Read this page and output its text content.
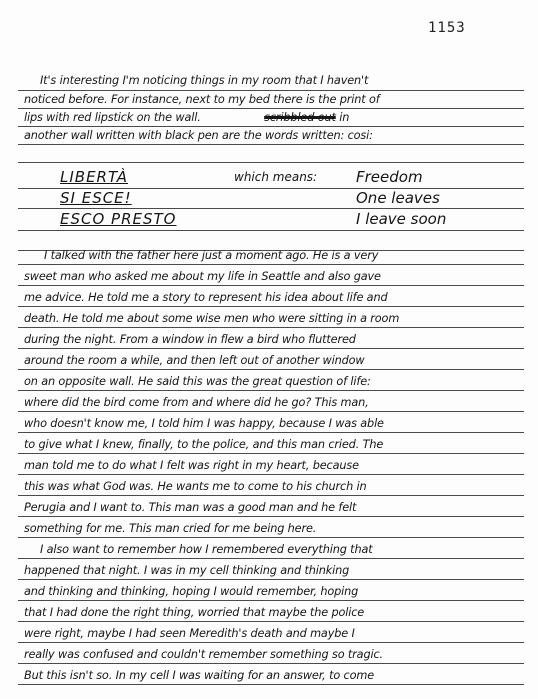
1153
It's interesting I'm noticing things in my room that I haven't
noticed before. For instance, next to my bed there is the print of
lips with red lipstick on the wall.	scribbled out in
another wall written with black pen are the words written: cosi:
LIBERTÀ	which means:	Freedom
SI ESCE!	One leaves
ESCO PRESTO	I leave soon
I talked with the father here just a moment ago. He is a very
sweet man who asked me about my life in Seattle and also gave
me advice. He told me a story to represent his idea about life and
death. He told me about some wise men who were sitting in a room
during the night. From a window in flew a bird who fluttered
around the room a while, and then left out of another window
on an opposite wall. He said this was the great question of life:
where did the bird come from and where did he go? This man,
who doesn't know me, I told him I was happy, because I was able
to give what I knew, finally, to the police, and this man cried. The
man told me to do what I felt was right in my heart, because
this was what God was. He wants me to come to his church in
Perugia and I want to. This man was a good man and he felt
something for me. This man cried for me being here.
I also want to remember how I remembered everything that
happened that night. I was in my cell thinking and thinking
and thinking and thinking, hoping I would remember, hoping
that I had done the right thing, worried that maybe the police
were right, maybe I had seen Meredith's death and maybe I
really was confused and couldn't remember something so tragic.
But this isn't so. In my cell I was waiting for an answer, to come
